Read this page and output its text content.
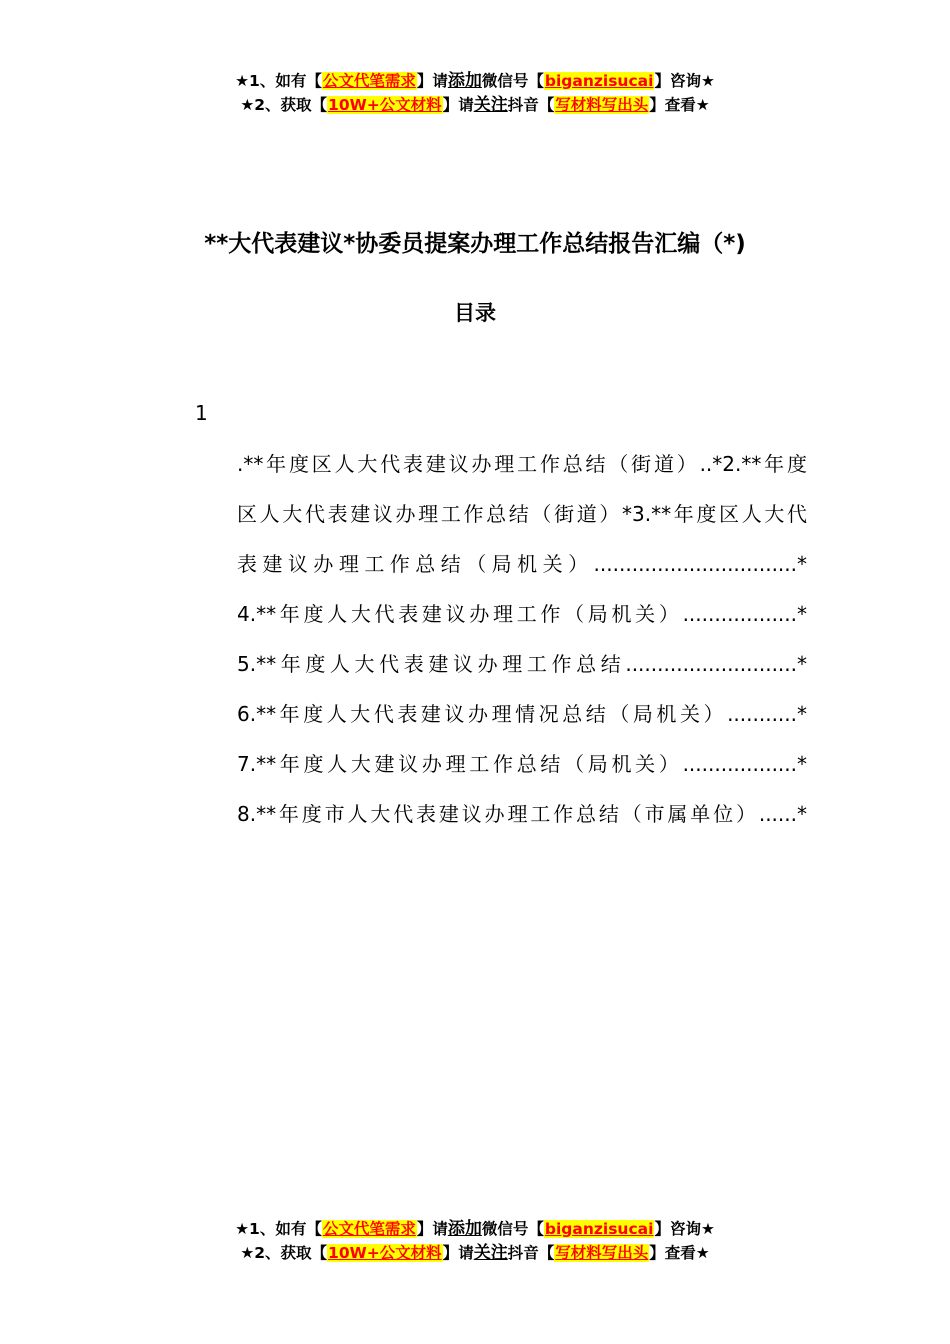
★1、如有【公文代笔需求】请添加微信号【biganzisucai】咨询★
★2、获取【10W+公文材料】请关注抖音【写材料写出头】查看★
**大代表建议*协委员提案办理工作总结报告汇编（*)
目录
1
.**年度区人大代表建议办理工作总结（街道）..*2.**年度
区人大代表建议办理工作总结（街道）*3.**年度区人大代
表建议办理工作总结（局机关）................................*
4.**年度人大代表建议办理工作（局机关）..................*
5.**年度人大代表建议办理工作总结...........................*
6.**年度人大代表建议办理情况总结（局机关）...........*
7.**年度人大建议办理工作总结（局机关）..................*
8.**年度市人大代表建议办理工作总结（市属单位）......*
★1、如有【公文代笔需求】请添加微信号【biganzisucai】咨询★
★2、获取【10W+公文材料】请关注抖音【写材料写出头】查看★
